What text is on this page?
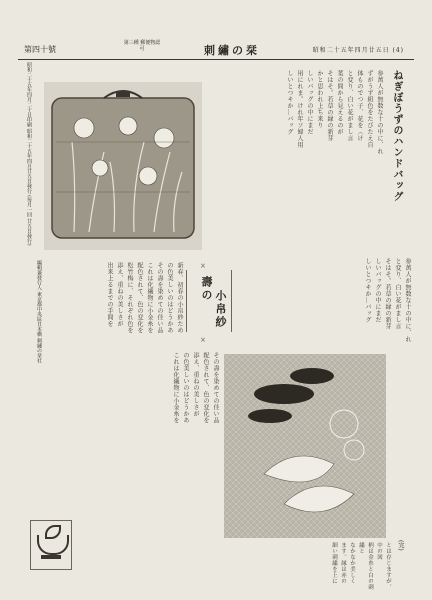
第四十號
第三種 郵便物認可	刺繡の栞	昭和二十五年四月廿五日 (4)
昭和二十五年四月二十日印刷 昭和二十五年四月廿五日發行 (毎月一回 廿五日發行)
編輯兼發行人 東京都中央區日本橋 刺繡の栞社
ねぎぼうずのハンドバッグ
参萬人が無数な十の中に、れ
ずがうず組色をたびたえ自
体ものでつ子、花を〈け
と変り、白い花がまし言
葉の間から見えるのが
そはそ。若草の縁の新芽
かと思われ上ち来り
しいバッグの中にまだ
用にれま。けれ年ソ婦人用
しいとつキか…バッグ
参萬人が無数な十の中に、れ
と変り、白い花がまし言
そはそ。若草の縁の新芽
しいバッグの中にまだ
しいとつキか…バッグ
壽の
小帛紗
×
×
新春、初春の小帛紗ため
の色美しいのはどうかあ
その壽を染めての佳い品
これは化繊物に小金糸を
配色されて、色の変化を
松竹梅に、それぞれ色を
添え、重ねの美しさが
出来上るまでの手間を
その壽を染めての佳い品
配色されて、色の変化を
添え、重ねの美しさが
の色美しいのはどうかあ
これは化繊物に小金糸を
とは存じますが、中の図
柄は金糸と白の刺繡と
なかなか美しく
ます。縁は赤の
細い刺繡を上に	(完)
